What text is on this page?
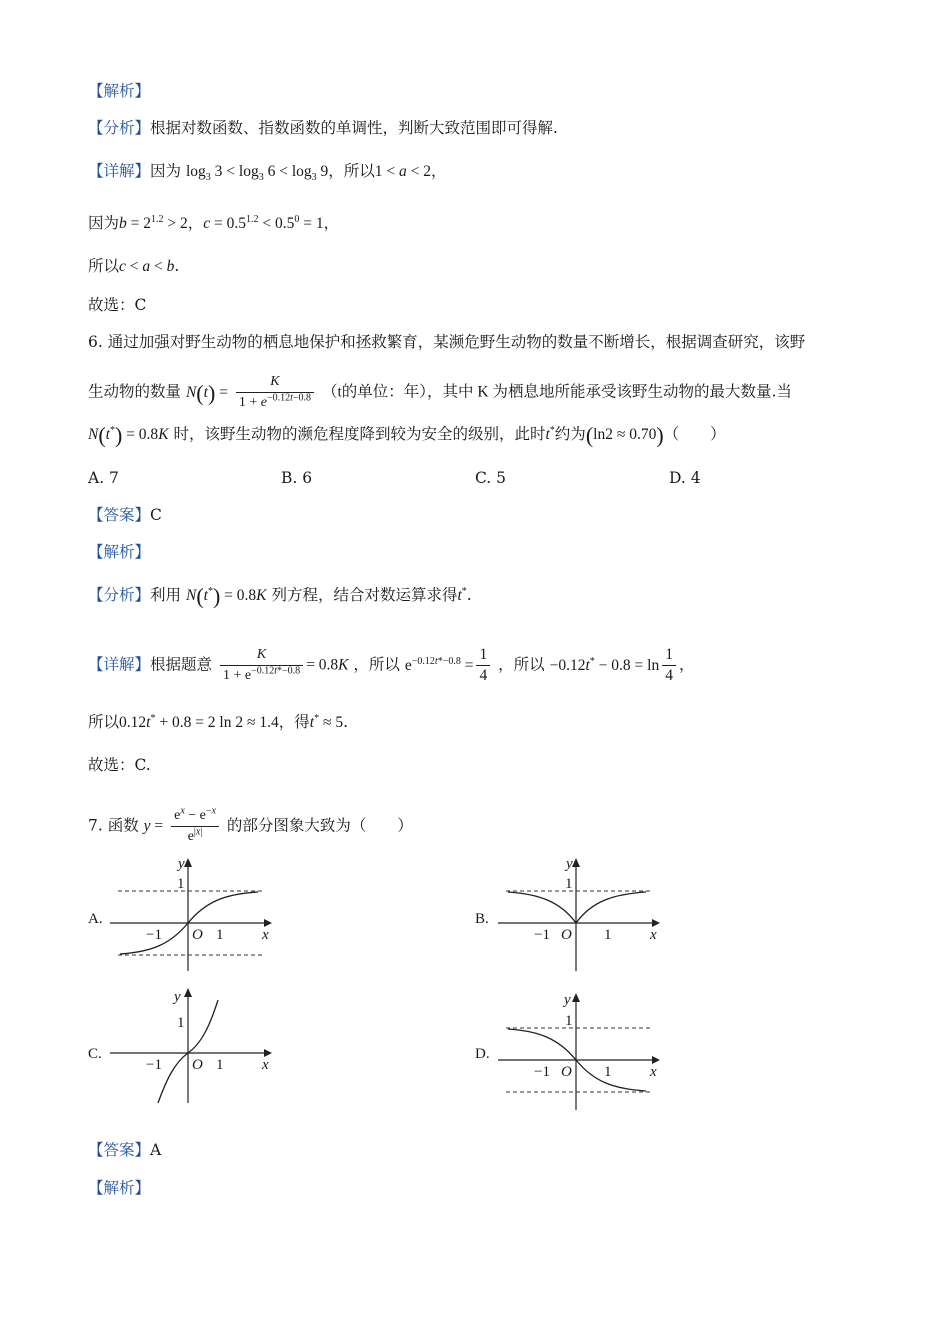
【解析】
【分析】根据对数函数、指数函数的单调性，判断大致范围即可得解.
【详解】因为 $\log_3 3 < \log_3 6 < \log_3 9$，所以1 < a < 2，
因为$b = 2^{1.2} > 2$，$c = 0.5^{1.2} < 0.5^0 = 1$，
所以c < a < b.
故选：C
6. 通过加强对野生动物的栖息地保护和拯救繁育，某濒危野生动物的数量不断增长，根据调查研究，该野
生动物的数量 $N(t) = \frac{K}{1 + e^{-0.12t-0.8}} (t$的单位：年），其中 K 为栖息地所能承受该野生动物的最大数量.当
N(t*) = 0.8K 时，该野生动物的濒危程度降到较为安全的级别，此时t*约为(ln2 ≈ 0.70)（　　）
A. 7	B. 6	C. 5	D. 4
【答案】C
【解析】
【分析】利用 N(t*) = 0.8K 列方程，结合对数运算求得t*.
【详解】根据题意 $\frac{K}{1 + e^{-0.12t*-0.8}} = 0.8K$ ，所以 $e^{-0.12t*-0.8} = \frac{1}{4}$ ，所以 $-0.12t^* - 0.8 = \ln \frac{1}{4}$ ，
所以0.12t* + 0.8 = 2 ln 2 ≈ 1.4，得t* ≈ 5.
故选：C.
7. 函数 $y = \frac{e^x - e^{-x}}{e^{|x|}}$ 的部分图象大致为（　　）
A.
y
x
O
1
1
−1
B.
y
x
O
1
1
−1
C.
y
x
O
1
1
−1
D.
y
x
O
1
1
−1
【答案】A
【解析】
